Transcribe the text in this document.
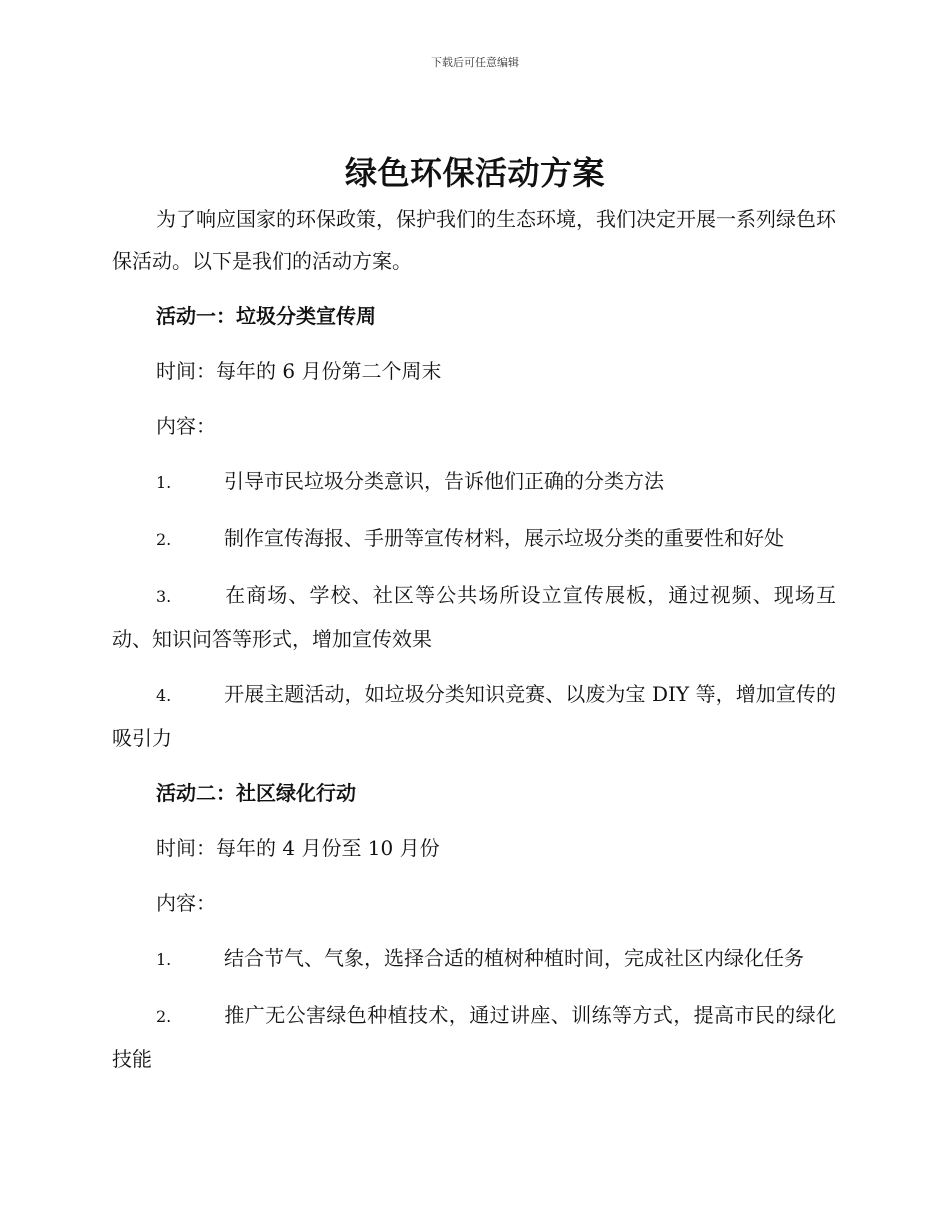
下载后可任意编辑
绿色环保活动方案

为了响应国家的环保政策，保护我们的生态环境，我们决定开展一系列绿色环保活动。以下是我们的活动方案。

活动一：垃圾分类宣传周

时间：每年的 6 月份第二个周末

内容：

1.	引导市民垃圾分类意识，告诉他们正确的分类方法

2.	制作宣传海报、手册等宣传材料，展示垃圾分类的重要性和好处

3.	在商场、学校、社区等公共场所设立宣传展板，通过视频、现场互动、知识问答等形式，增加宣传效果

4.	开展主题活动，如垃圾分类知识竞赛、以废为宝 DIY 等，增加宣传的吸引力

活动二：社区绿化行动

时间：每年的 4 月份至 10 月份

内容：

1.	结合节气、气象，选择合适的植树种植时间，完成社区内绿化任务

2.	推广无公害绿色种植技术，通过讲座、训练等方式，提高市民的绿化技能
